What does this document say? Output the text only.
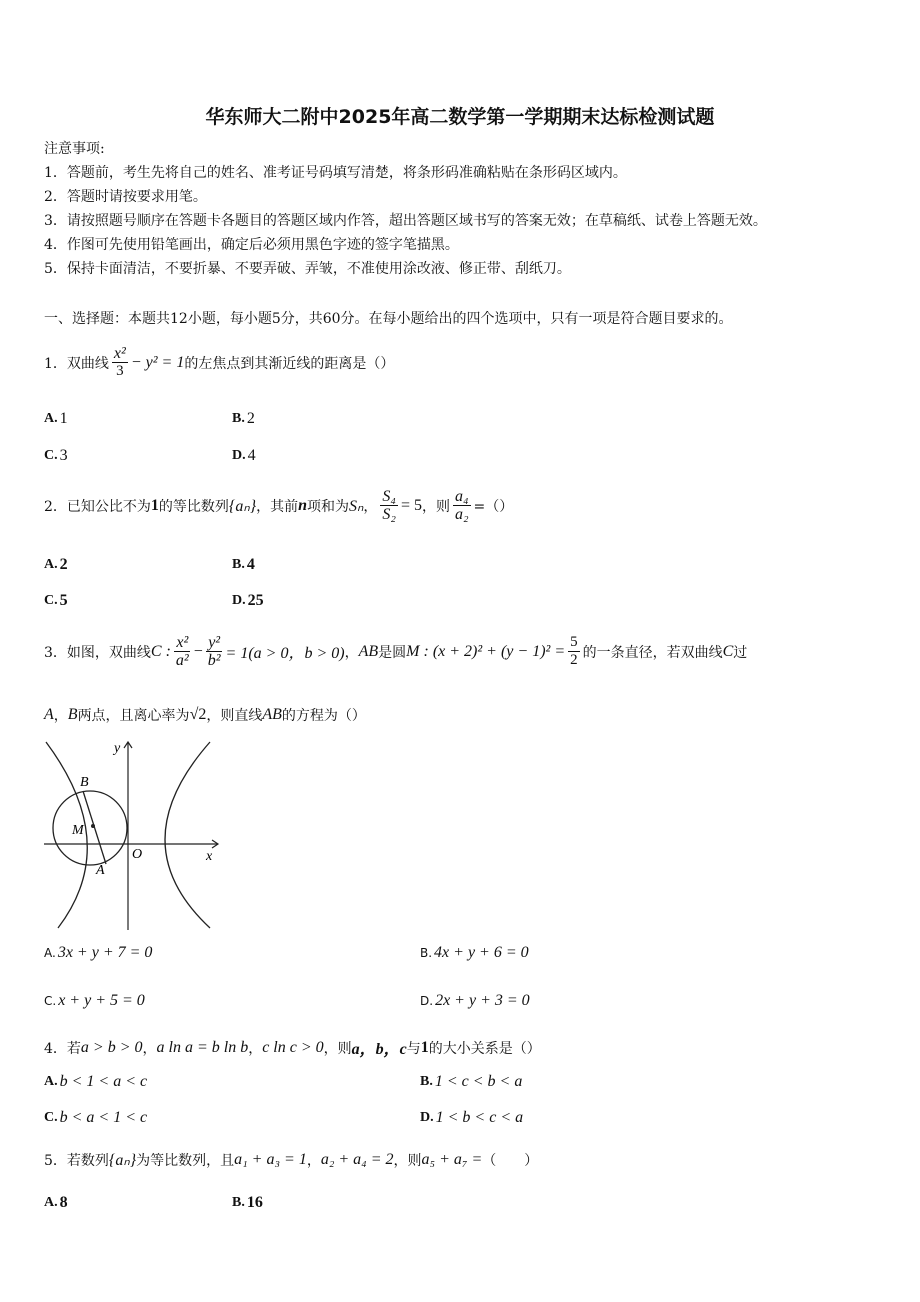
华东师大二附中2025年高二数学第一学期期末达标检测试题
注意事项:
1．答题前，考生先将自己的姓名、准考证号码填写清楚，将条形码准确粘贴在条形码区域内。
2．答题时请按要求用笔。
3．请按照题号顺序在答题卡各题目的答题区域内作答，超出答题区域书写的答案无效；在草稿纸、试卷上答题无效。
4．作图可先使用铅笔画出，确定后必须用黑色字迹的签字笔描黑。
5．保持卡面清洁，不要折暴、不要弄破、弄皱，不准使用涂改液、修正带、刮纸刀。
一、选择题：本题共12小题，每小题5分，共60分。在每小题给出的四个选项中，只有一项是符合题目要求的。
1．双曲线 $\frac{\text{x²}}{3} - y^2 = 1$ 的左焦点到其渐近线的距离是（）
A. 1	B. 2
C. 3	D. 4
2．已知公比不为 1 的等比数列 {aₙ} ，其前 n 项和为 Sₙ ， $\frac{\text{S₄}}{\text{S₂}} = 5$ ，则 $\frac{\text{a₄}}{\text{a₂}}$ =（）
A. 2	B. 4
C. 5	D. 25
3．如图，双曲线 C : $\frac{\text{x²}}{\text{a²}} - \frac{\text{y²}}{\text{b²}} = 1(a > 0$，b > 0) ， AB 是圆 M : $(x + 2)^2 + (y - 1)^2 = \frac{5}{2}$ 的一条直径，若双曲线 C 过
A ， B 两点，且离心率为 √2 ，则直线 AB 的方程为（）
B
M
A
O	x
y
A. 3x + y + 7 = 0	B. 4x + y + 6 = 0
C. x + y + 5 = 0	D. 2x + y + 3 = 0
4．若 a > b > 0 ， a ln a = b ln b ， c ln c > 0 ，则 a，b，c 与 1 的大小关系是（）
A. b < 1 < a < c	B. 1 < c < b < a
C. b < a < 1 < c	D. 1 < b < c < a
5．若数列 {aₙ} 为等比数列，且 a₁ + a₃ = 1 ， a₂ + a₄ = 2 ，则 a₅ + a₇ = （　　）
A. 8	B. 16
